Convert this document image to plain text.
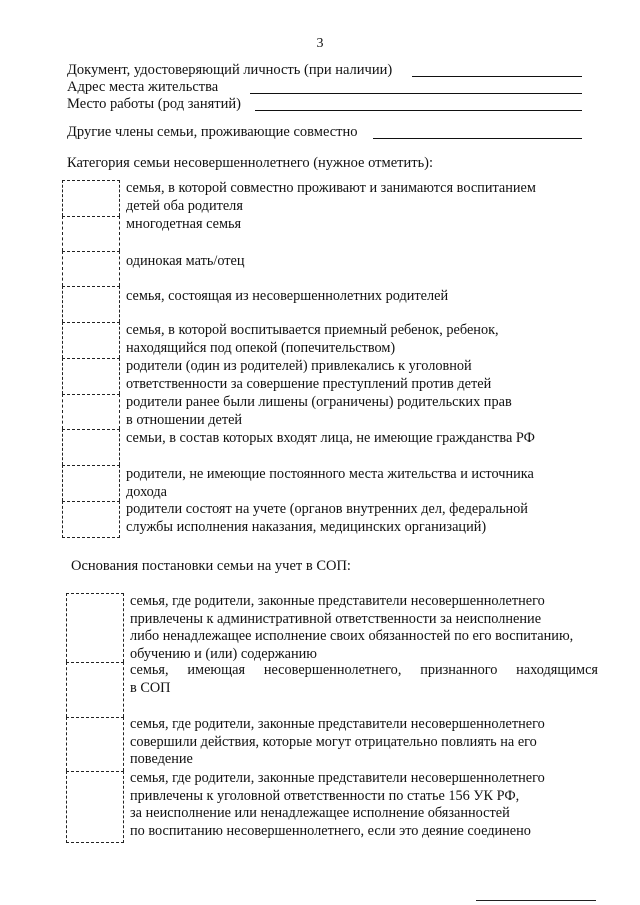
3
Документ, удостоверяющий личность (при наличии)
Адрес места жительства
Место работы (род занятий)
Другие члены семьи, проживающие совместно
Категория семьи несовершеннолетнего (нужное отметить):
семья, в которой совместно проживают и занимаются воспитанием
детей оба родителя
многодетная семья
одинокая мать/отец
семья, состоящая из несовершеннолетних родителей
семья, в которой воспитывается приемный ребенок, ребенок,
находящийся под опекой (попечительством)
родители (один из родителей) привлекались к уголовной
ответственности за совершение преступлений против детей
родители ранее были лишены (ограничены) родительских прав
в отношении детей
семьи, в состав которых входят лица, не имеющие гражданства РФ
родители, не имеющие постоянного места жительства и источника
дохода
родители состоят на учете (органов внутренних дел, федеральной
службы исполнения наказания, медицинских организаций)
Основания постановки семьи на учет в СОП:
семья, где родители, законные представители несовершеннолетнего
привлечены к административной ответственности за неисполнение
либо ненадлежащее исполнение своих обязанностей по его воспитанию,
обучению и (или) содержанию
семья, имеющая несовершеннолетнего, признанного находящимся
в СОП
семья, где родители, законные представители несовершеннолетнего
совершили действия, которые могут отрицательно повлиять на его
поведение
семья, где родители, законные представители несовершеннолетнего
привлечены к уголовной ответственности по статье 156 УК РФ,
за неисполнение или ненадлежащее исполнение обязанностей
по воспитанию несовершеннолетнего, если это деяние соединено
